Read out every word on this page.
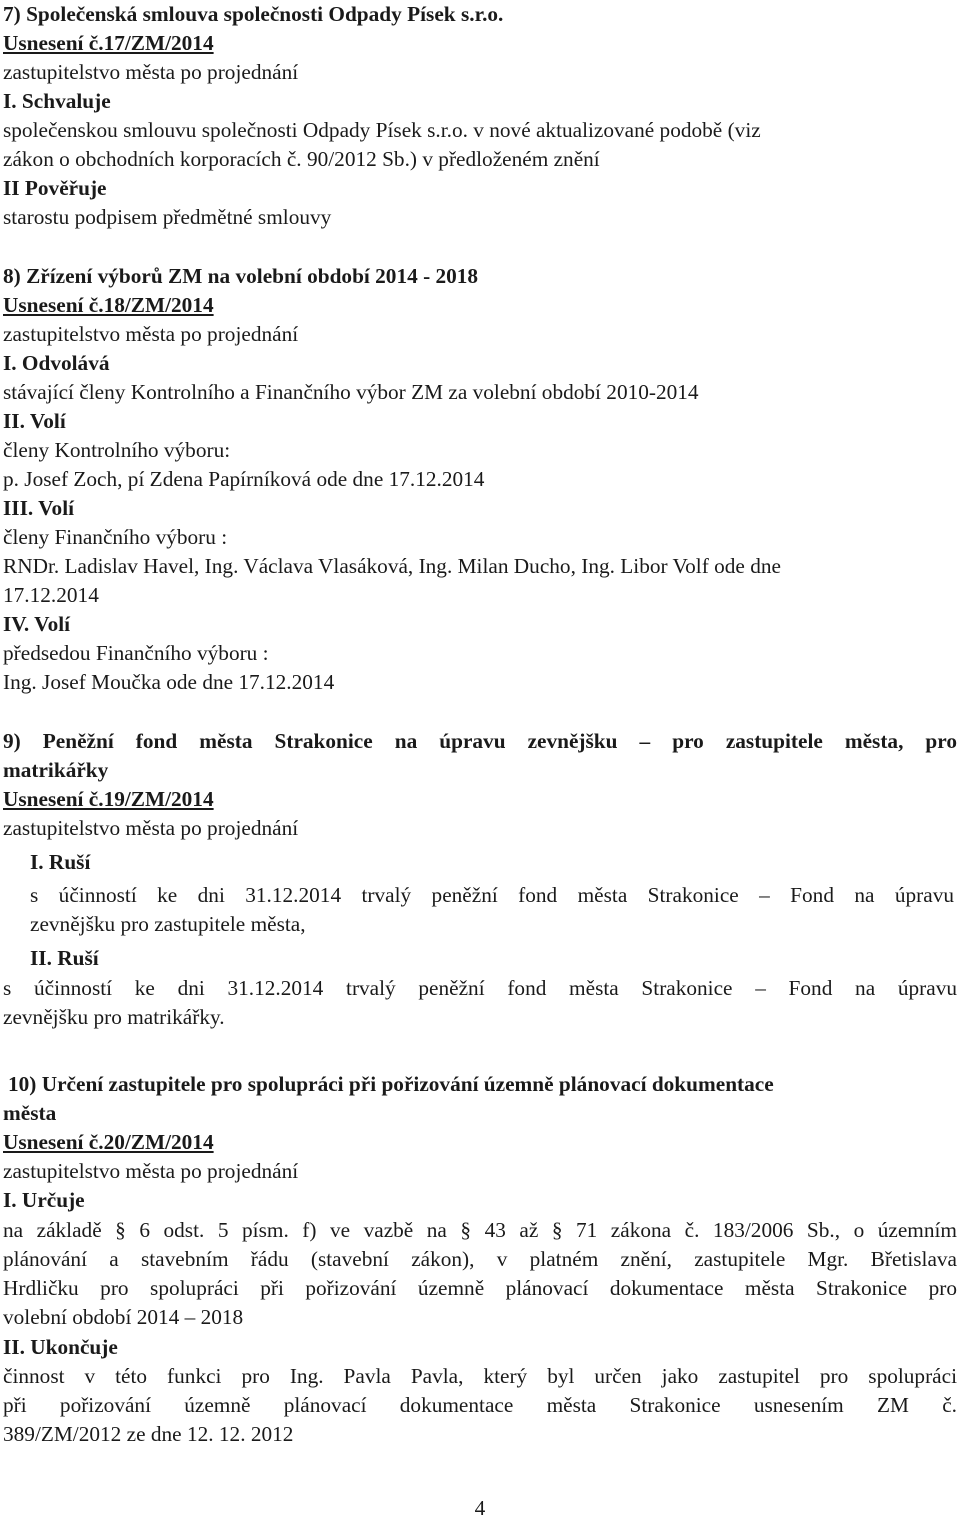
7) Společenská smlouva společnosti Odpady Písek s.r.o.
Usnesení č.17/ZM/2014
zastupitelstvo města po projednání
I. Schvaluje
společenskou smlouvu společnosti Odpady Písek s.r.o. v nové aktualizované podobě (viz
zákon o obchodních korporacích č. 90/2012 Sb.) v předloženém znění
II Pověřuje
starostu podpisem předmětné smlouvy
8) Zřízení výborů ZM na volební období 2014 - 2018
Usnesení č.18/ZM/2014
zastupitelstvo města po projednání
I. Odvolává
stávající členy Kontrolního a Finančního výbor ZM za volební období 2010-2014
II. Volí
členy Kontrolního výboru:
p. Josef Zoch, pí Zdena Papírníková ode dne 17.12.2014
III. Volí
členy Finančního výboru :
RNDr. Ladislav Havel, Ing. Václava Vlasáková, Ing. Milan Ducho, Ing. Libor Volf ode dne
17.12.2014
IV. Volí
předsedou Finančního výboru :
Ing. Josef Moučka ode dne 17.12.2014
9) Peněžní fond města Strakonice na úpravu zevnějšku – pro zastupitele města, pro
matrikářky
Usnesení č.19/ZM/2014
zastupitelstvo města po projednání
I. Ruší
s účinností ke dni 31.12.2014 trvalý peněžní fond města Strakonice – Fond na úpravu
zevnějšku pro zastupitele města,
II. Ruší
s účinností ke dni 31.12.2014 trvalý peněžní fond města Strakonice – Fond na úpravu
zevnějšku pro matrikářky.
10) Určení zastupitele pro spolupráci při pořizování územně plánovací dokumentace
města
Usnesení č.20/ZM/2014
zastupitelstvo města po projednání
I. Určuje
na základě § 6 odst. 5 písm. f) ve vazbě na § 43 až § 71 zákona č. 183/2006 Sb., o územním
plánování a stavebním řádu (stavební zákon), v platném znění, zastupitele Mgr. Břetislava
Hrdličku pro spolupráci při pořizování územně plánovací dokumentace města Strakonice pro
volební období 2014 – 2018
II. Ukončuje
činnost v této funkci pro Ing. Pavla Pavla, který byl určen jako zastupitel pro spolupráci
při pořizování územně plánovací dokumentace města Strakonice usnesením ZM č.
389/ZM/2012 ze dne 12. 12. 2012
4
